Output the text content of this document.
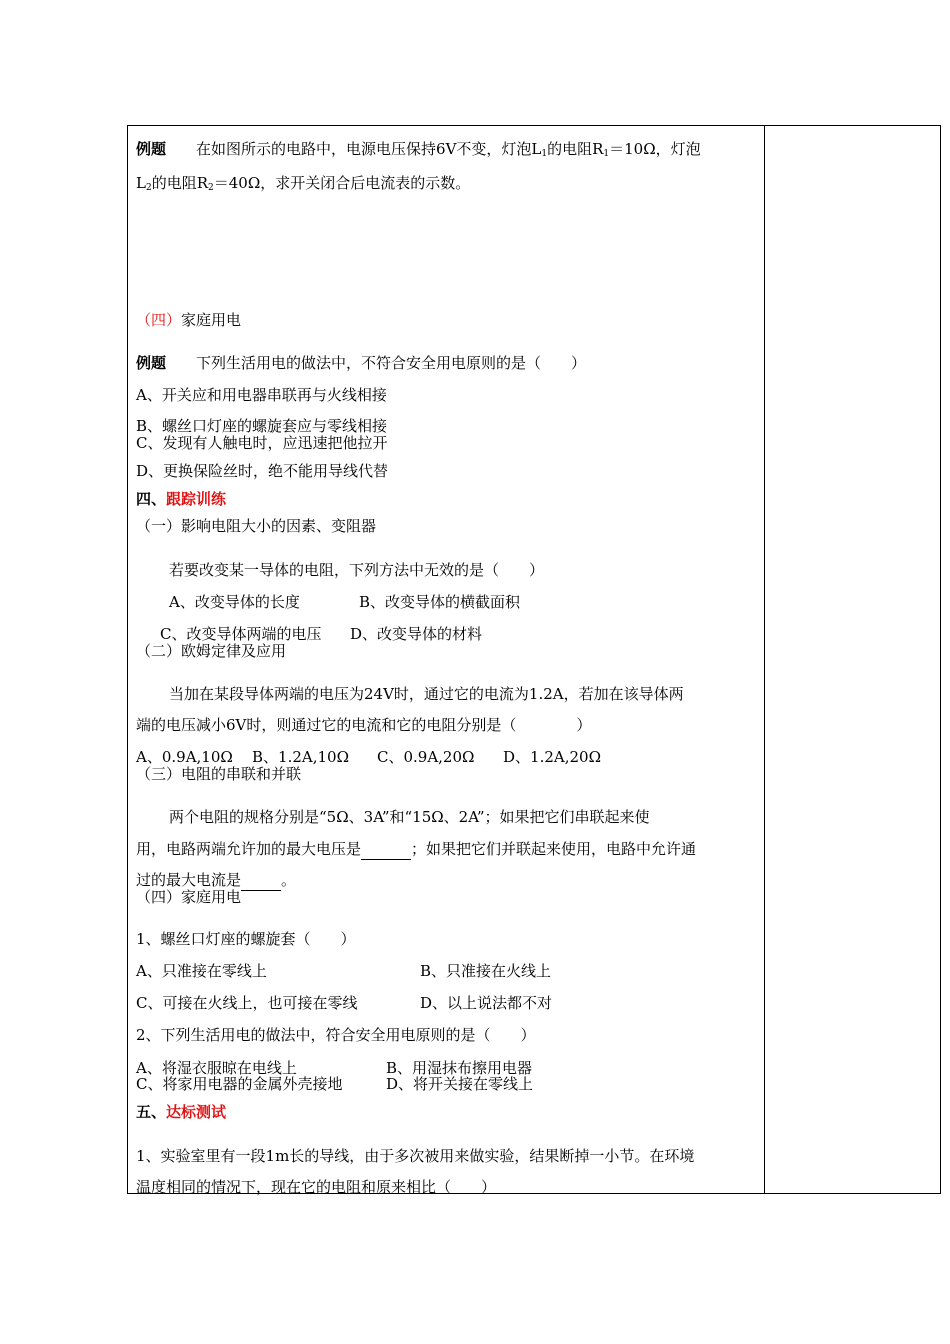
例题　　 在如图所示的电路中，电源电压保持6V不变，灯泡$L_1$的电阻$R_1=10\Omega$，灯泡
$L_2$的电阻$R_2=40\Omega$，求开关闭合后电流表的示数。
（四）家庭用电
例题　　 下列生活用电的做法中，不符合安全用电原则的是（　　）
A、开关应和用电器串联再与火线相接
B、螺丝口灯座的螺旋套应与零线相接
C、发现有人触电时，应迅速把他拉开
D、更换保险丝时，绝不能用导线代替
四、跟踪训练
（一）影响电阻大小的因素、变阻器
若要改变某一导体的电阻，下列方法中无效的是（　　）
A、改变导体的长度	B、改变导体的横截面积
C、改变导体两端的电压 D、改变导体的材料
（二）欧姆定律及应用
当加在某段导体两端的电压为24V时，通过它的电流为1.2A，若加在该导体两
端的电压减小6V时，则通过它的电流和它的电阻分别是（　　　　）
A、0.9A,10Ω B、1.2A,10Ω C、0.9A,20Ω D、1.2A,20Ω
（三）电阻的串联和并联
两个电阻的规格分别是“5Ω、3A”和“15Ω、2A”；如果把它们串联起来使
用，电路两端允许加的最大电压是	；如果把它们并联起来使用，电路中允许通
过的最大电流是	。
（四）家庭用电
1、螺丝口灯座的螺旋套（　　）
A、只准接在零线上	B、只准接在火线上
C、可接在火线上，也可接在零线	D、以上说法都不对
2、下列生活用电的做法中，符合安全用电原则的是（　　）
A、将湿衣服晾在电线上	B、用湿抹布擦用电器
C、将家用电器的金属外壳接地	D、将开关接在零线上
五、达标测试
1、实验室里有一段1m长的导线，由于多次被用来做实验，结果断掉一小节。在环境
温度相同的情况下，现在它的电阻和原来相比（　　）
